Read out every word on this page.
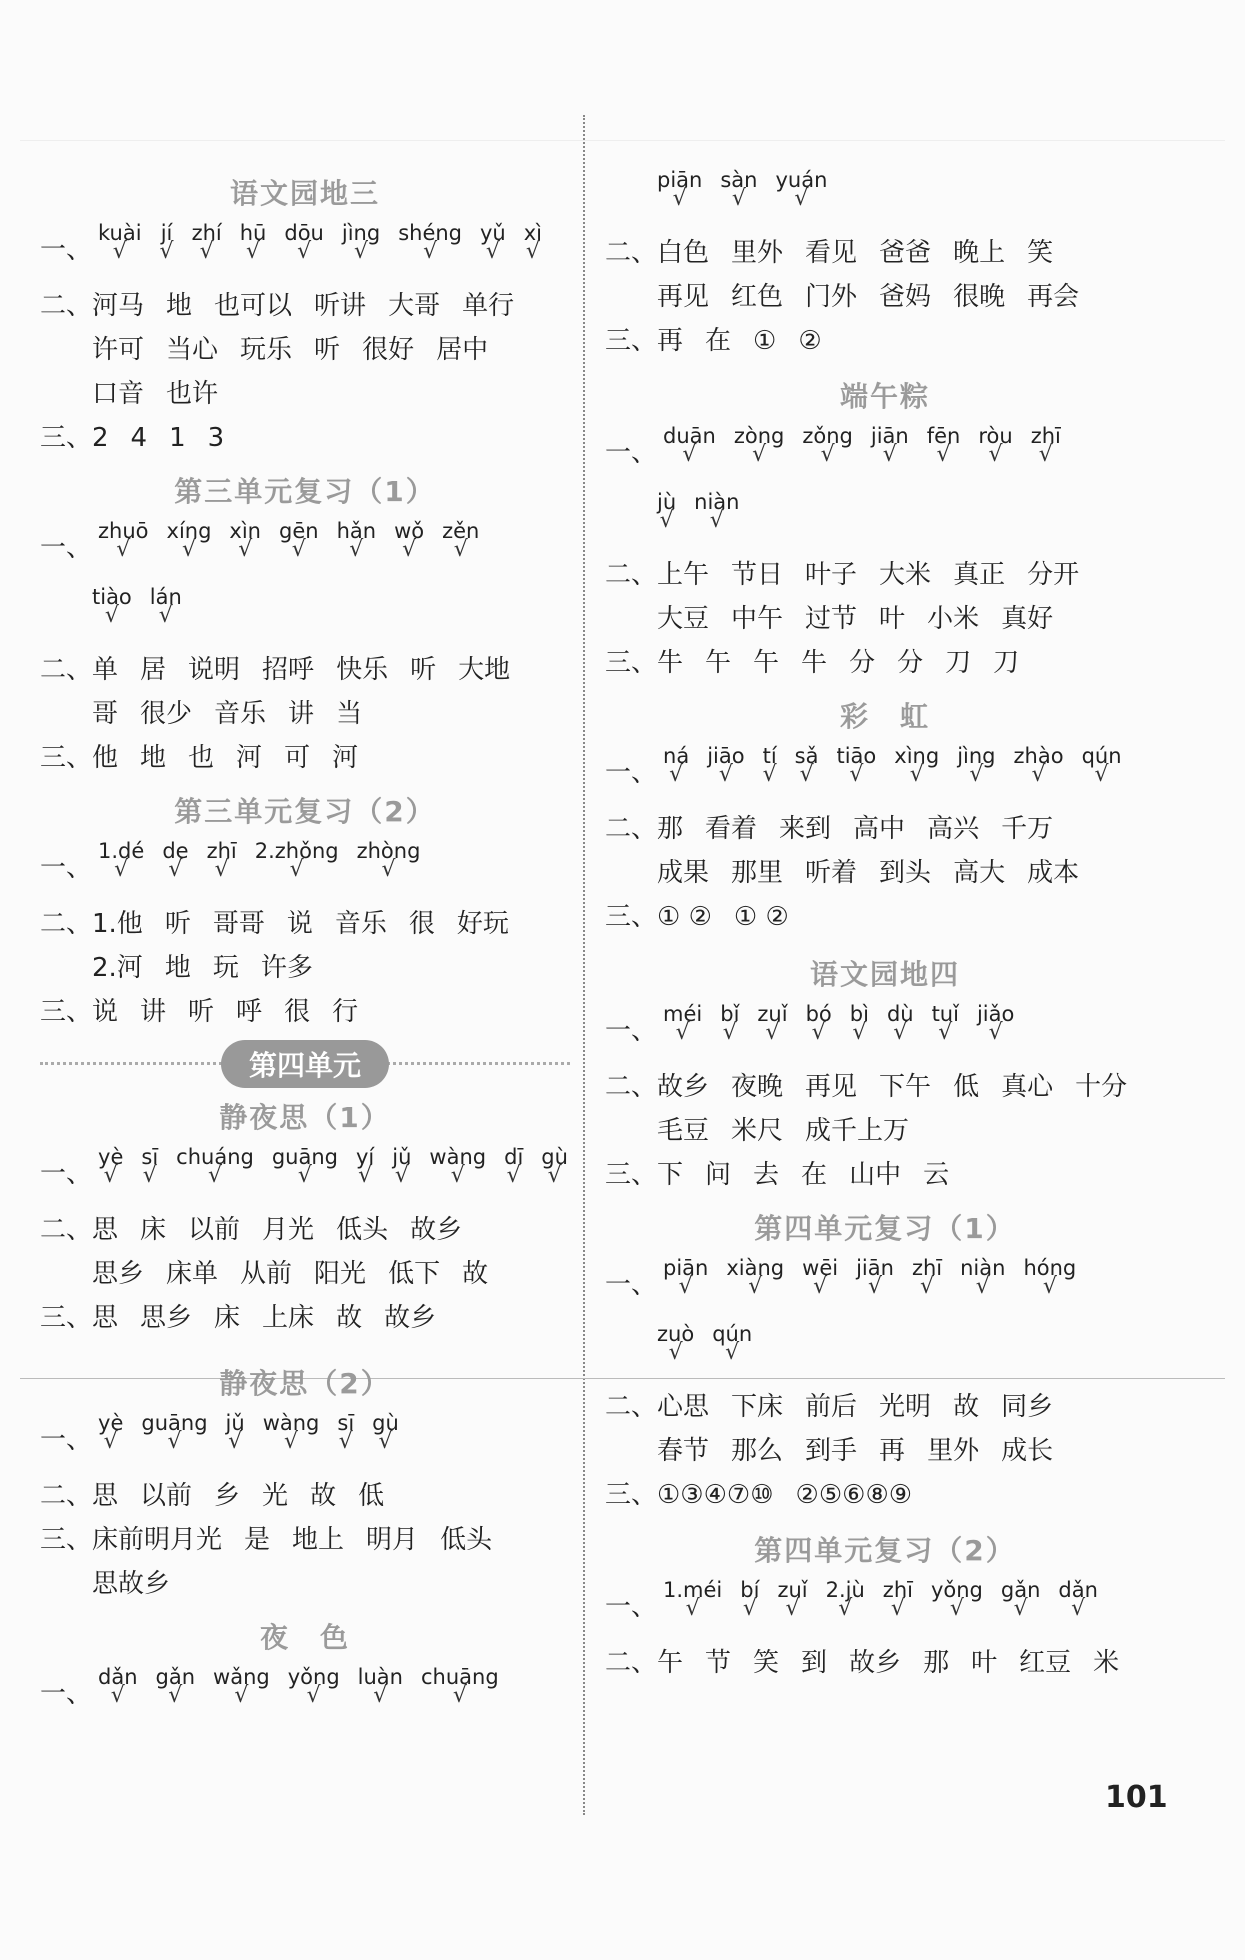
语文园地三
一、kuài
√
jí
√
zhí
√
hū
√
dōu
√
jìng
√
shéng
√
yǔ
√
xì
√
二、河马 地 也可以 听讲 大哥 单行
许可 当心 玩乐 听 很好 居中
口音 也许
三、2 4 1 3
第三单元复习（1）
一、zhuō
√
xíng
√
xìn
√
gēn
√
hǎn
√
wǒ
√
zěn
√
tiào
√
lán
√
二、单 居 说明 招呼 快乐 听 大地
哥 很少 音乐 讲 当
三、他 地 也 河 可 河
第三单元复习（2）
一、1.dé
√
de
√
zhī
√
2.zhǒng
√
zhòng
√
二、1.他 听 哥哥 说 音乐 很 好玩
2.河 地 玩 许多
三、说 讲 听 呼 很 行
第四单元
静夜思（1）
一、yè
√
sī
√
chuáng
√
guāng
√
yí
√
jǔ
√
wàng
√
dī
√
gù
√
二、思 床 以前 月光 低头 故乡
思乡 床单 从前 阳光 低下 故
三、思 思乡 床 上床 故 故乡
静夜思（2）
一、yè
√
guāng
√
jǔ
√
wàng
√
sī
√
gù
√
二、思 以前 乡 光 故 低
三、床前明月光 是 地上 明月 低头
思故乡
夜　色
一、dǎn
√
gǎn
√
wǎng
√
yǒng
√
luàn
√
chuāng
√
piān
√
sàn
√
yuán
√
二、白色 里外 看见 爸爸 晚上 笑
再见 红色 门外 爸妈 很晚 再会
三、再 在 ① ②
端午粽
一、duān
√
zòng
√
zǒng
√
jiān
√
fēn
√
ròu
√
zhī
√
jù
√
niàn
√
二、上午 节日 叶子 大米 真正 分开
大豆 中午 过节 叶 小米 真好
三、牛 午 午 牛 分 分 刀 刀
彩　虹
一、ná
√
jiāo
√
tí
√
sǎ
√
tiāo
√
xìng
√
jìng
√
zhào
√
qún
√
二、那 看着 来到 高中 高兴 千万
成果 那里 听着 到头 高大 成本
三、① ② ① ②
语文园地四
一、méi
√
bǐ
√
zuǐ
√
bó
√
bì
√
dù
√
tuǐ
√
jiǎo
√
二、故乡 夜晚 再见 下午 低 真心 十分
毛豆 米尺 成千上万
三、下 问 去 在 山中 云
第四单元复习（1）
一、piān
√
xiàng
√
wēi
√
jiān
√
zhī
√
niàn
√
hóng
√
zuò
√
qún
√
二、心思 下床 前后 光明 故 同乡
春节 那么 到手 再 里外 成长
三、①③④⑦⑩ ②⑤⑥⑧⑨
第四单元复习（2）
一、1.méi
√
bí
√
zuǐ
√
2.jù
√
zhī
√
yǒng
√
gǎn
√
dǎn
√
二、午 节 笑 到 故乡 那 叶 红豆 米
101
